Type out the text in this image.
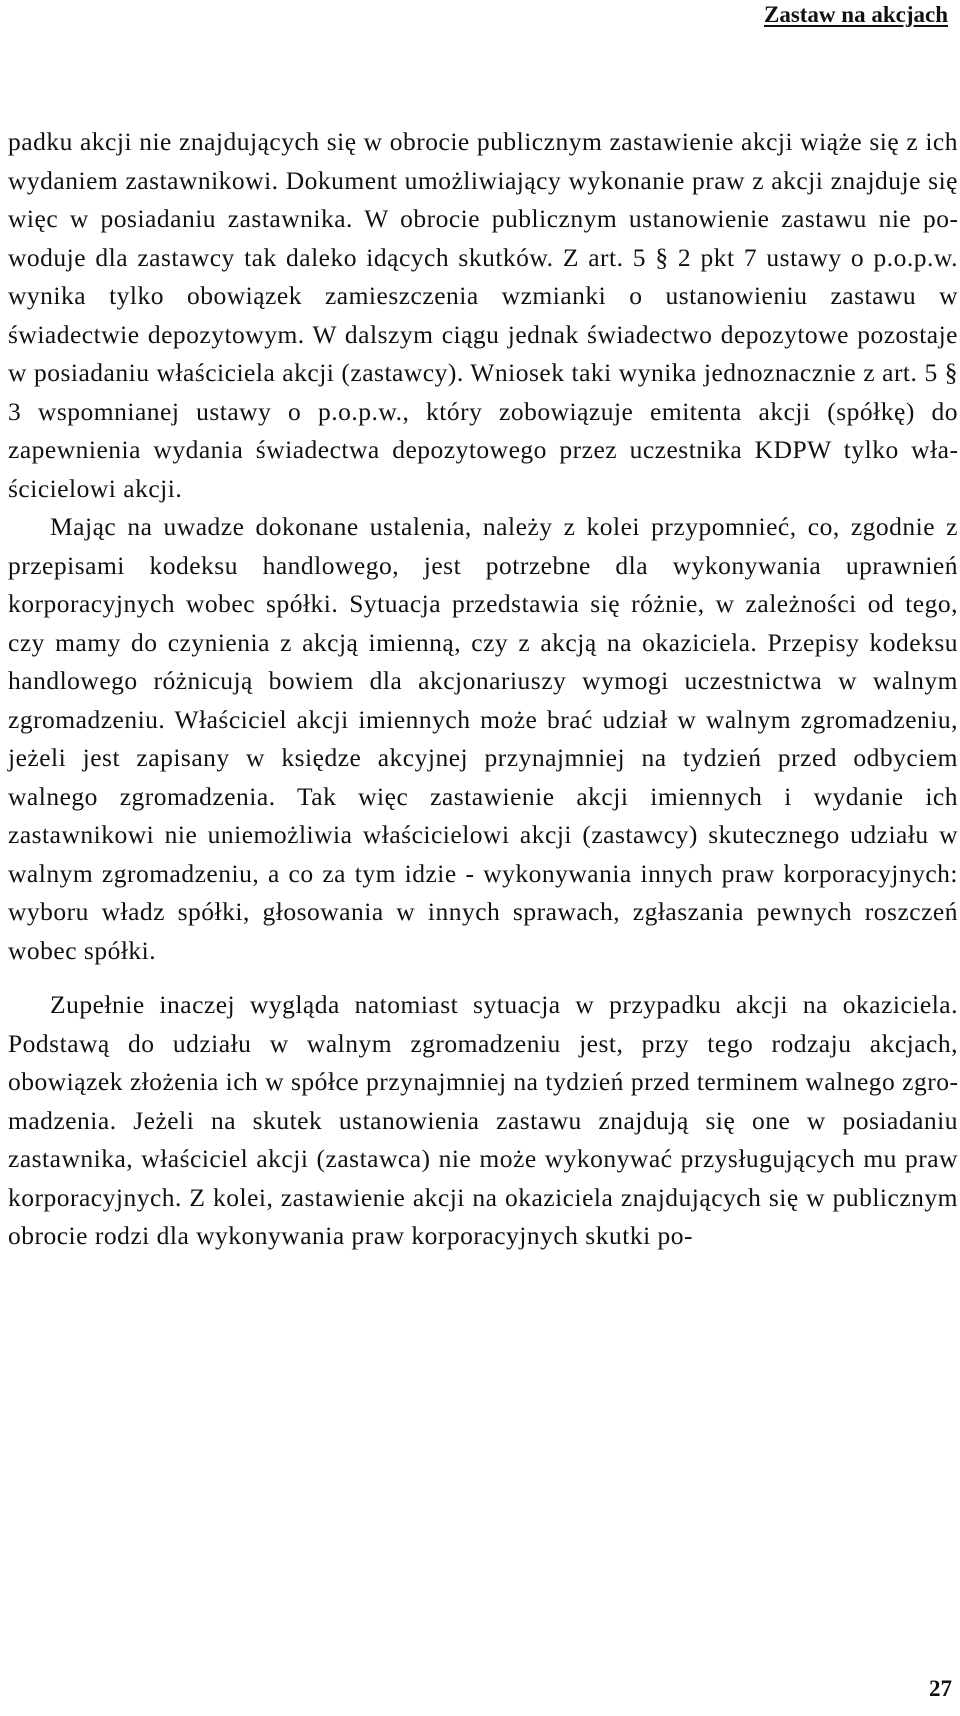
Zastaw na akcjach

padku akcji nie znajdujących się w obrocie publicznym zastawienie akcji wiąże się z ich wydaniem zastawnikowi. Dokument umożliwiający wykonanie praw z akcji znajduje się więc w posiadaniu zastawnika. W obrocie publicznym ustanowienie zastawu nie powoduje dla zastawcy tak daleko idących skutków. Z art. 5 § 2 pkt 7 ustawy o p.o.p.w. wynika tylko obowiązek zamieszczenia wzmianki o ustanowieniu zastawu w świadectwie depozytowym. W dalszym ciągu jednak świadectwo depozytowe pozostaje w posiadaniu właściciela akcji (zastawcy). Wniosek taki wynika jednoznacznie z art. 5 § 3 wspomnianej ustawy o p.o.p.w., który zobowiązuje emitenta akcji (spółkę) do zapewnienia wydania świadectwa depozytowego przez uczestnika KDPW tylko właścicielowi akcji.

Mając na uwadze dokonane ustalenia, należy z kolei przypomnieć, co, zgodnie z przepisami kodeksu handlowego, jest potrzebne dla wykonywania uprawnień korporacyjnych wobec spółki. Sytuacja przedstawia się różnie, w zależności od tego, czy mamy do czynienia z akcją imienną, czy z akcją na okaziciela. Przepisy kodeksu handlowego różnicują bowiem dla akcjonariuszy wymogi uczestnictwa w walnym zgromadzeniu. Właściciel akcji imiennych może brać udział w walnym zgromadzeniu, jeżeli jest zapisany w księdze akcyjnej przynajmniej na tydzień przed odbyciem walnego zgromadzenia. Tak więc zastawienie akcji imiennych i wydanie ich zastawnikowi nie uniemożliwia właścicielowi akcji (zastawcy) skutecznego udziału w walnym zgromadzeniu, a co za tym idzie - wykonywania innych praw korporacyjnych: wyboru władz spółki, głosowania w innych sprawach, zgłaszania pewnych roszczeń wobec spółki.

Zupełnie inaczej wygląda natomiast sytuacja w przypadku akcji na okaziciela. Podstawą do udziału w walnym zgromadzeniu jest, przy tego rodzaju akcjach, obowiązek złożenia ich w spółce przynajmniej na tydzień przed terminem walnego zgromadzenia. Jeżeli na skutek ustanowienia zastawu znajdują się one w posiadaniu zastawnika, właściciel akcji (zastawca) nie może wykonywać przysługujących mu praw korporacyjnych. Z kolei, zastawienie akcji na okaziciela znajdujących się w publicznym obrocie rodzi dla wykonywania praw korporacyjnych skutki po-

27
